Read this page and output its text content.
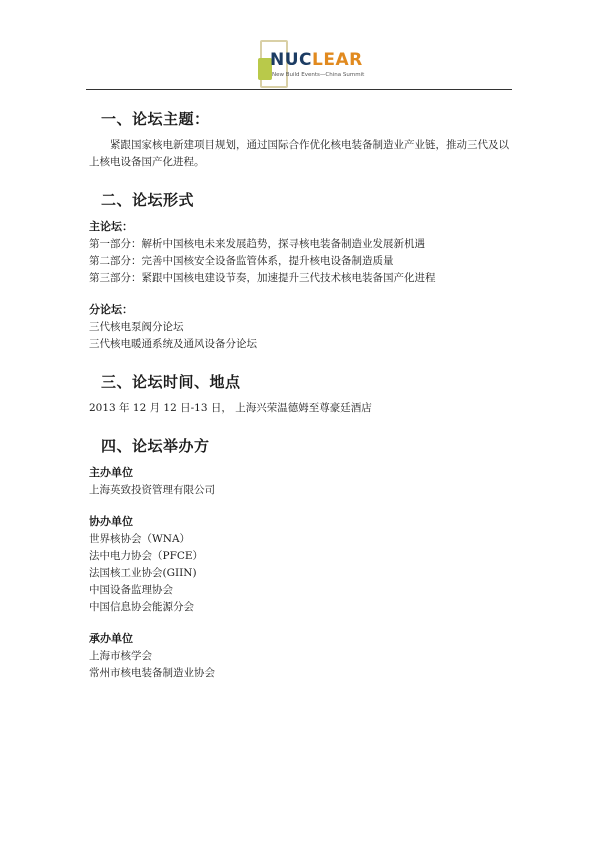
NUCLEAR
New Build Events—China Summit
一、论坛主题：

紧跟国家核电新建项目规划，通过国际合作优化核电装备制造业产业链，推动三代及以上核电设备国产化进程。

二、论坛形式

主论坛：

第一部分：解析中国核电未来发展趋势，探寻核电装备制造业发展新机遇

第二部分：完善中国核安全设备监管体系，提升核电设备制造质量

第三部分：紧跟中国核电建设节奏，加速提升三代技术核电装备国产化进程

分论坛：

三代核电泵阀分论坛

三代核电暖通系统及通风设备分论坛

三、论坛时间、地点

2013 年 12 月 12 日-13 日， 上海兴荣温德姆至尊豪廷酒店

四、论坛举办方

主办单位

上海英致投资管理有限公司

协办单位

世界核协会（WNA）

法中电力协会（PFCE）

法国核工业协会(GIIN)

中国设备监理协会

中国信息协会能源分会

承办单位

上海市核学会

常州市核电装备制造业协会
